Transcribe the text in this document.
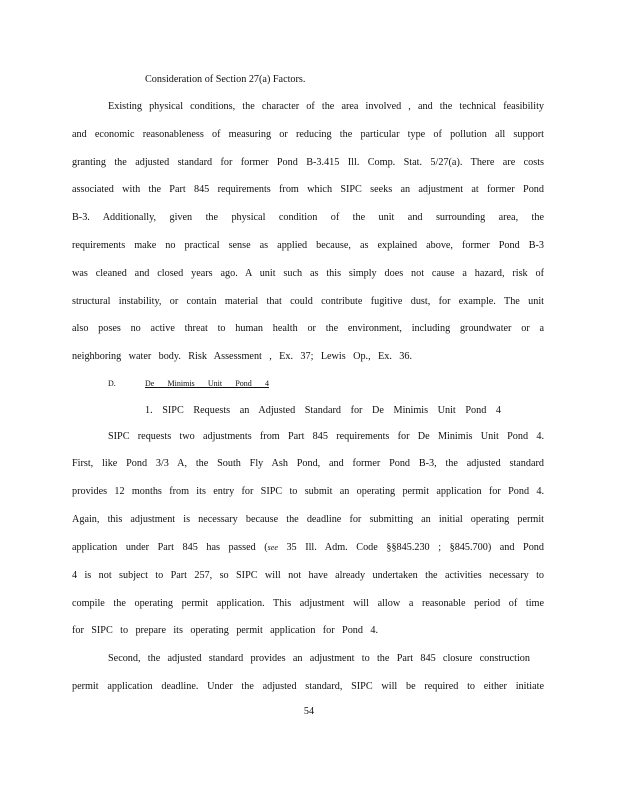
Consideration of Section 27(a) Factors.
Existing physical conditions, the character of the area involved , and the technical feasibility
and economic reasonableness of measuring or reducing the particular type of pollution all support
granting the adjusted standard for former Pond B-3.415 Ill. Comp. Stat. 5/27(a). There are costs
associated with the Part 845 requirements from which SIPC seeks an adjustment at former Pond
B-3. Additionally, given the physical condition of the unit and surrounding area, the
requirements make no practical sense as applied because, as explained above, former Pond B-3
was cleaned and closed years ago. A unit such as this simply does not cause a hazard, risk of
structural instability, or contain material that could contribute fugitive dust, for example. The unit
also poses no active threat to human health or the environment, including groundwater or a
neighboring water body. Risk Assessment , Ex. 37; Lewis Op., Ex. 36.
D.	De Minimis Unit Pond 4
1. SIPC Requests an Adjusted Standard for De Minimis Unit Pond 4
SIPC requests two adjustments from Part 845 requirements for De Minimis Unit Pond 4.
First, like Pond 3/3 A, the South Fly Ash Pond, and former Pond B-3, the adjusted standard
provides 12 months from its entry for SIPC to submit an operating permit application for Pond 4.
Again, this adjustment is necessary because the deadline for submitting an initial operating permit
application under Part 845 has passed (see 35 Ill. Adm. Code §§845.230 ; §845.700) and Pond
4 is not subject to Part 257, so SIPC will not have already undertaken the activities necessary to
compile the operating permit application. This adjustment will allow a reasonable period of time
for SIPC to prepare its operating permit application for Pond 4.
Second, the adjusted standard provides an adjustment to the Part 845 closure construction
permit application deadline. Under the adjusted standard, SIPC will be required to either initiate
54
